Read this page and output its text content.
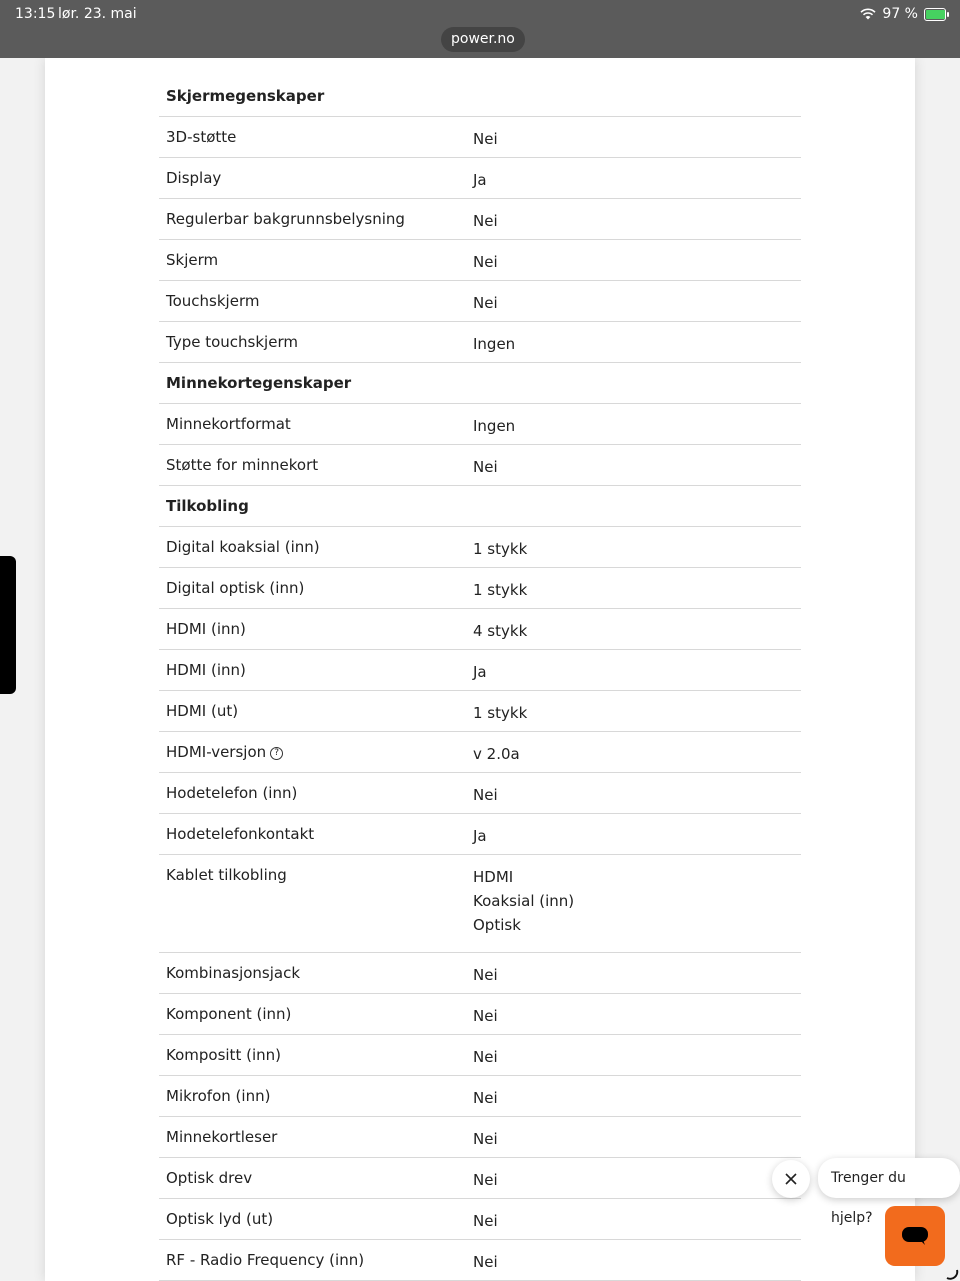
13:15 lør. 23. mai	97 %
power.no
Skjermegenskaper
3D-støtte	Nei
Display	Ja
Regulerbar bakgrunnsbelysning	Nei
Skjerm	Nei
Touchskjerm	Nei
Type touchskjerm	Ingen
Minnekortegenskaper
Minnekortformat	Ingen
Støtte for minnekort	Nei
Tilkobling
Digital koaksial (inn)	1 stykk
Digital optisk (inn)	1 stykk
HDMI (inn)	4 stykk
HDMI (inn)	Ja
HDMI (ut)	1 stykk
HDMI-versjon ?	v 2.0a
Hodetelefon (inn)	Nei
Hodetelefonkontakt	Ja
Kablet tilkobling	HDMI
Koaksial (inn)
Optisk
Kombinasjonsjack	Nei
Komponent (inn)	Nei
Kompositt (inn)	Nei
Mikrofon (inn)	Nei
Minnekortleser	Nei
Optisk drev	Nei
Optisk lyd (ut)	Nei
RF - Radio Frequency (inn)	Nei
Trenger du hjelp?
